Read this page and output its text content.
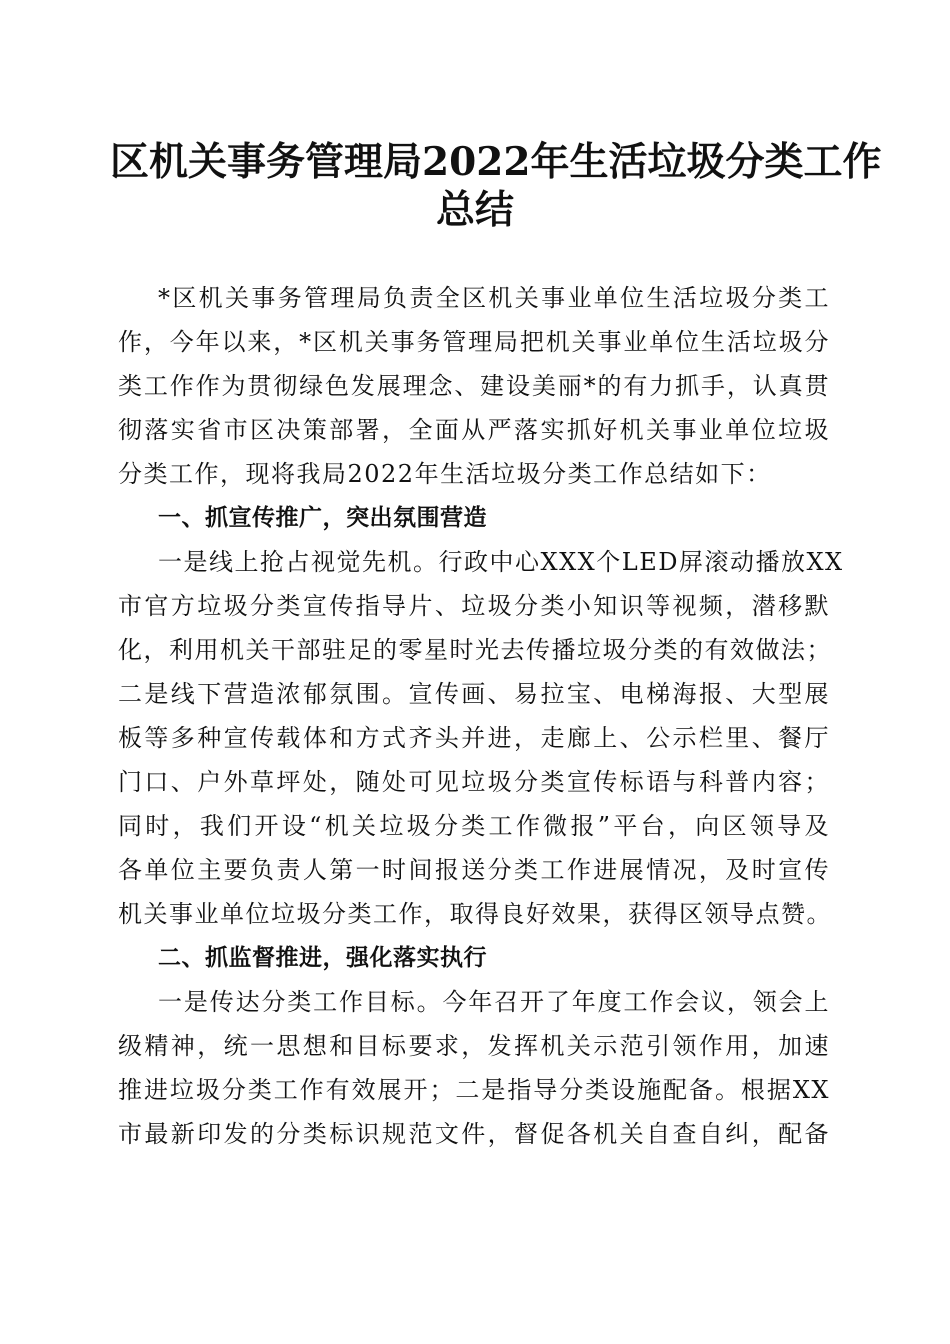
区机关事务管理局2022年生活垃圾分类工作
总结
*区机关事务管理局负责全区机关事业单位生活垃圾分类工
作，今年以来，*区机关事务管理局把机关事业单位生活垃圾分
类工作作为贯彻绿色发展理念、建设美丽*的有力抓手，认真贯
彻落实省市区决策部署，全面从严落实抓好机关事业单位垃圾
分类工作，现将我局2022年生活垃圾分类工作总结如下：
一、抓宣传推广，突出氛围营造
一是线上抢占视觉先机。行政中心XXX个LED屏滚动播放XX
市官方垃圾分类宣传指导片、垃圾分类小知识等视频，潜移默
化，利用机关干部驻足的零星时光去传播垃圾分类的有效做法；
二是线下营造浓郁氛围。宣传画、易拉宝、电梯海报、大型展
板等多种宣传载体和方式齐头并进，走廊上、公示栏里、餐厅
门口、户外草坪处，随处可见垃圾分类宣传标语与科普内容；
同时，我们开设“机关垃圾分类工作微报”平台，向区领导及
各单位主要负责人第一时间报送分类工作进展情况，及时宣传
机关事业单位垃圾分类工作，取得良好效果，获得区领导点赞。
二、抓监督推进，强化落实执行
一是传达分类工作目标。今年召开了年度工作会议，领会上
级精神，统一思想和目标要求，发挥机关示范引领作用，加速
推进垃圾分类工作有效展开；二是指导分类设施配备。根据XX
市最新印发的分类标识规范文件，督促各机关自查自纠，配备
